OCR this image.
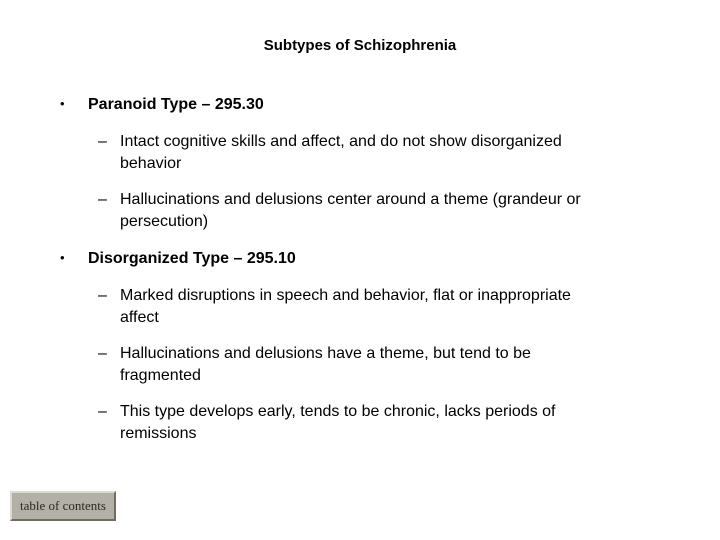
Subtypes of Schizophrenia
• Paranoid Type – 295.30
– Intact cognitive skills and affect, and do not show disorganized
behavior
– Hallucinations and delusions center around a theme (grandeur or
persecution)
• Disorganized Type – 295.10
– Marked disruptions in speech and behavior, flat or inappropriate
affect
– Hallucinations and delusions have a theme, but tend to be
fragmented
– This type develops early, tends to be chronic, lacks periods of
remissions
table of contents
